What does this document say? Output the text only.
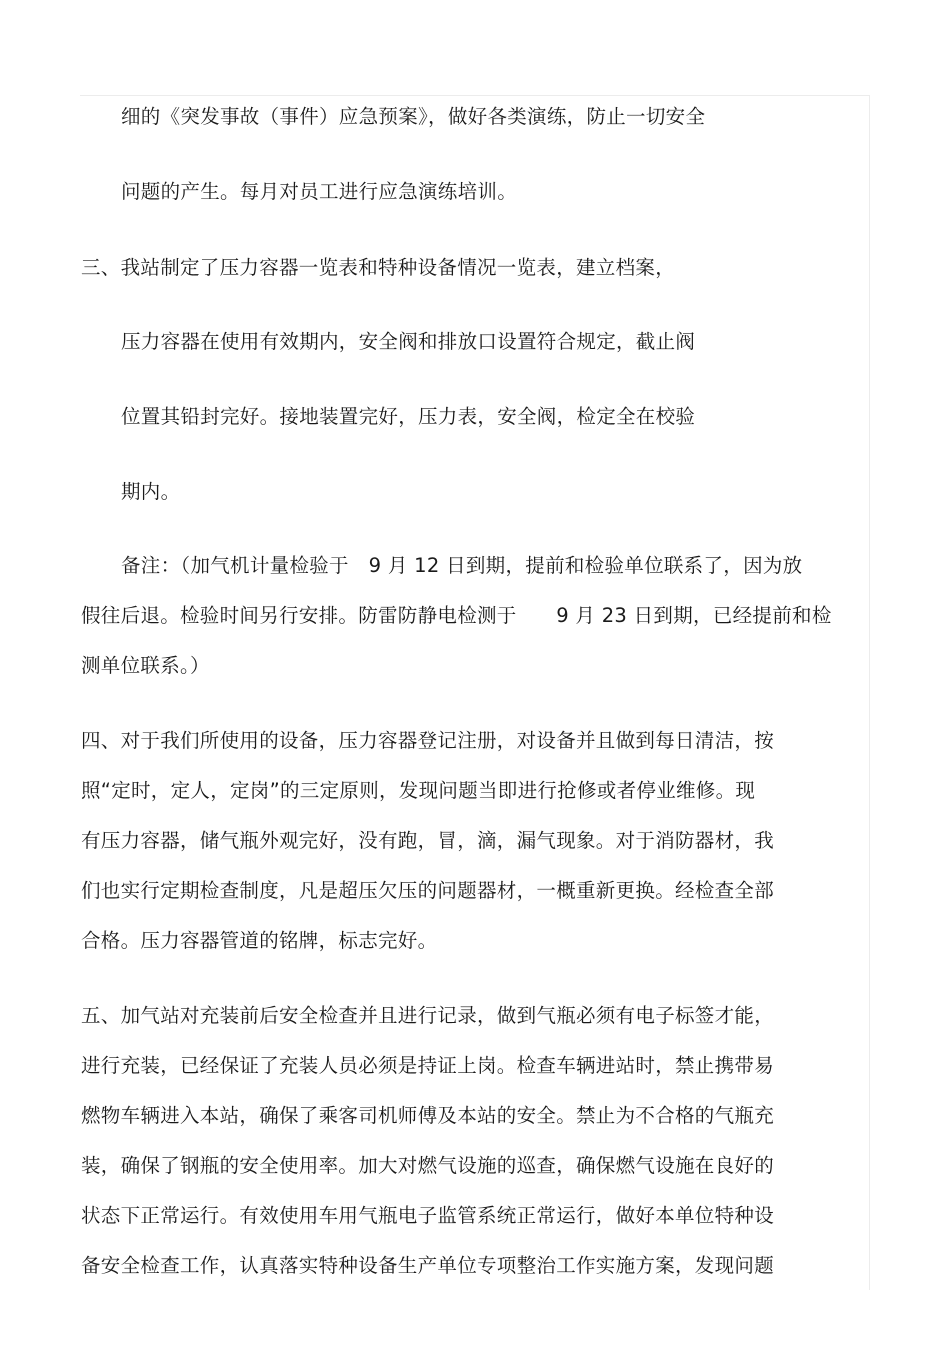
细的《突发事故（事件）应急预案》，做好各类演练，防止一切安全
问题的产生。每月对员工进行应急演练培训。
三、我站制定了压力容器一览表和特种设备情况一览表，建立档案，
压力容器在使用有效期内，安全阀和排放口设置符合规定，截止阀
位置其铅封完好。接地装置完好，压力表，安全阀，检定全在校验
期内。
备注：（加气机计量检验于　9 月 12 日到期，提前和检验单位联系了，因为放
假往后退。检验时间另行安排。防雷防静电检测于　　9 月 23 日到期，已经提前和检
测单位联系。）
四、对于我们所使用的设备，压力容器登记注册，对设备并且做到每日清洁，按
照“定时，定人，定岗”的三定原则，发现问题当即进行抢修或者停业维修。现
有压力容器，储气瓶外观完好，没有跑，冒，滴，漏气现象。对于消防器材，我
们也实行定期检查制度，凡是超压欠压的问题器材，一概重新更换。经检查全部
合格。压力容器管道的铭牌，标志完好。
五、加气站对充装前后安全检查并且进行记录，做到气瓶必须有电子标签才能，
进行充装，已经保证了充装人员必须是持证上岗。检查车辆进站时，禁止携带易
燃物车辆进入本站，确保了乘客司机师傅及本站的安全。禁止为不合格的气瓶充
装，确保了钢瓶的安全使用率。加大对燃气设施的巡查，确保燃气设施在良好的
状态下正常运行。有效使用车用气瓶电子监管系统正常运行，做好本单位特种设
备安全检查工作，认真落实特种设备生产单位专项整治工作实施方案，发现问题
